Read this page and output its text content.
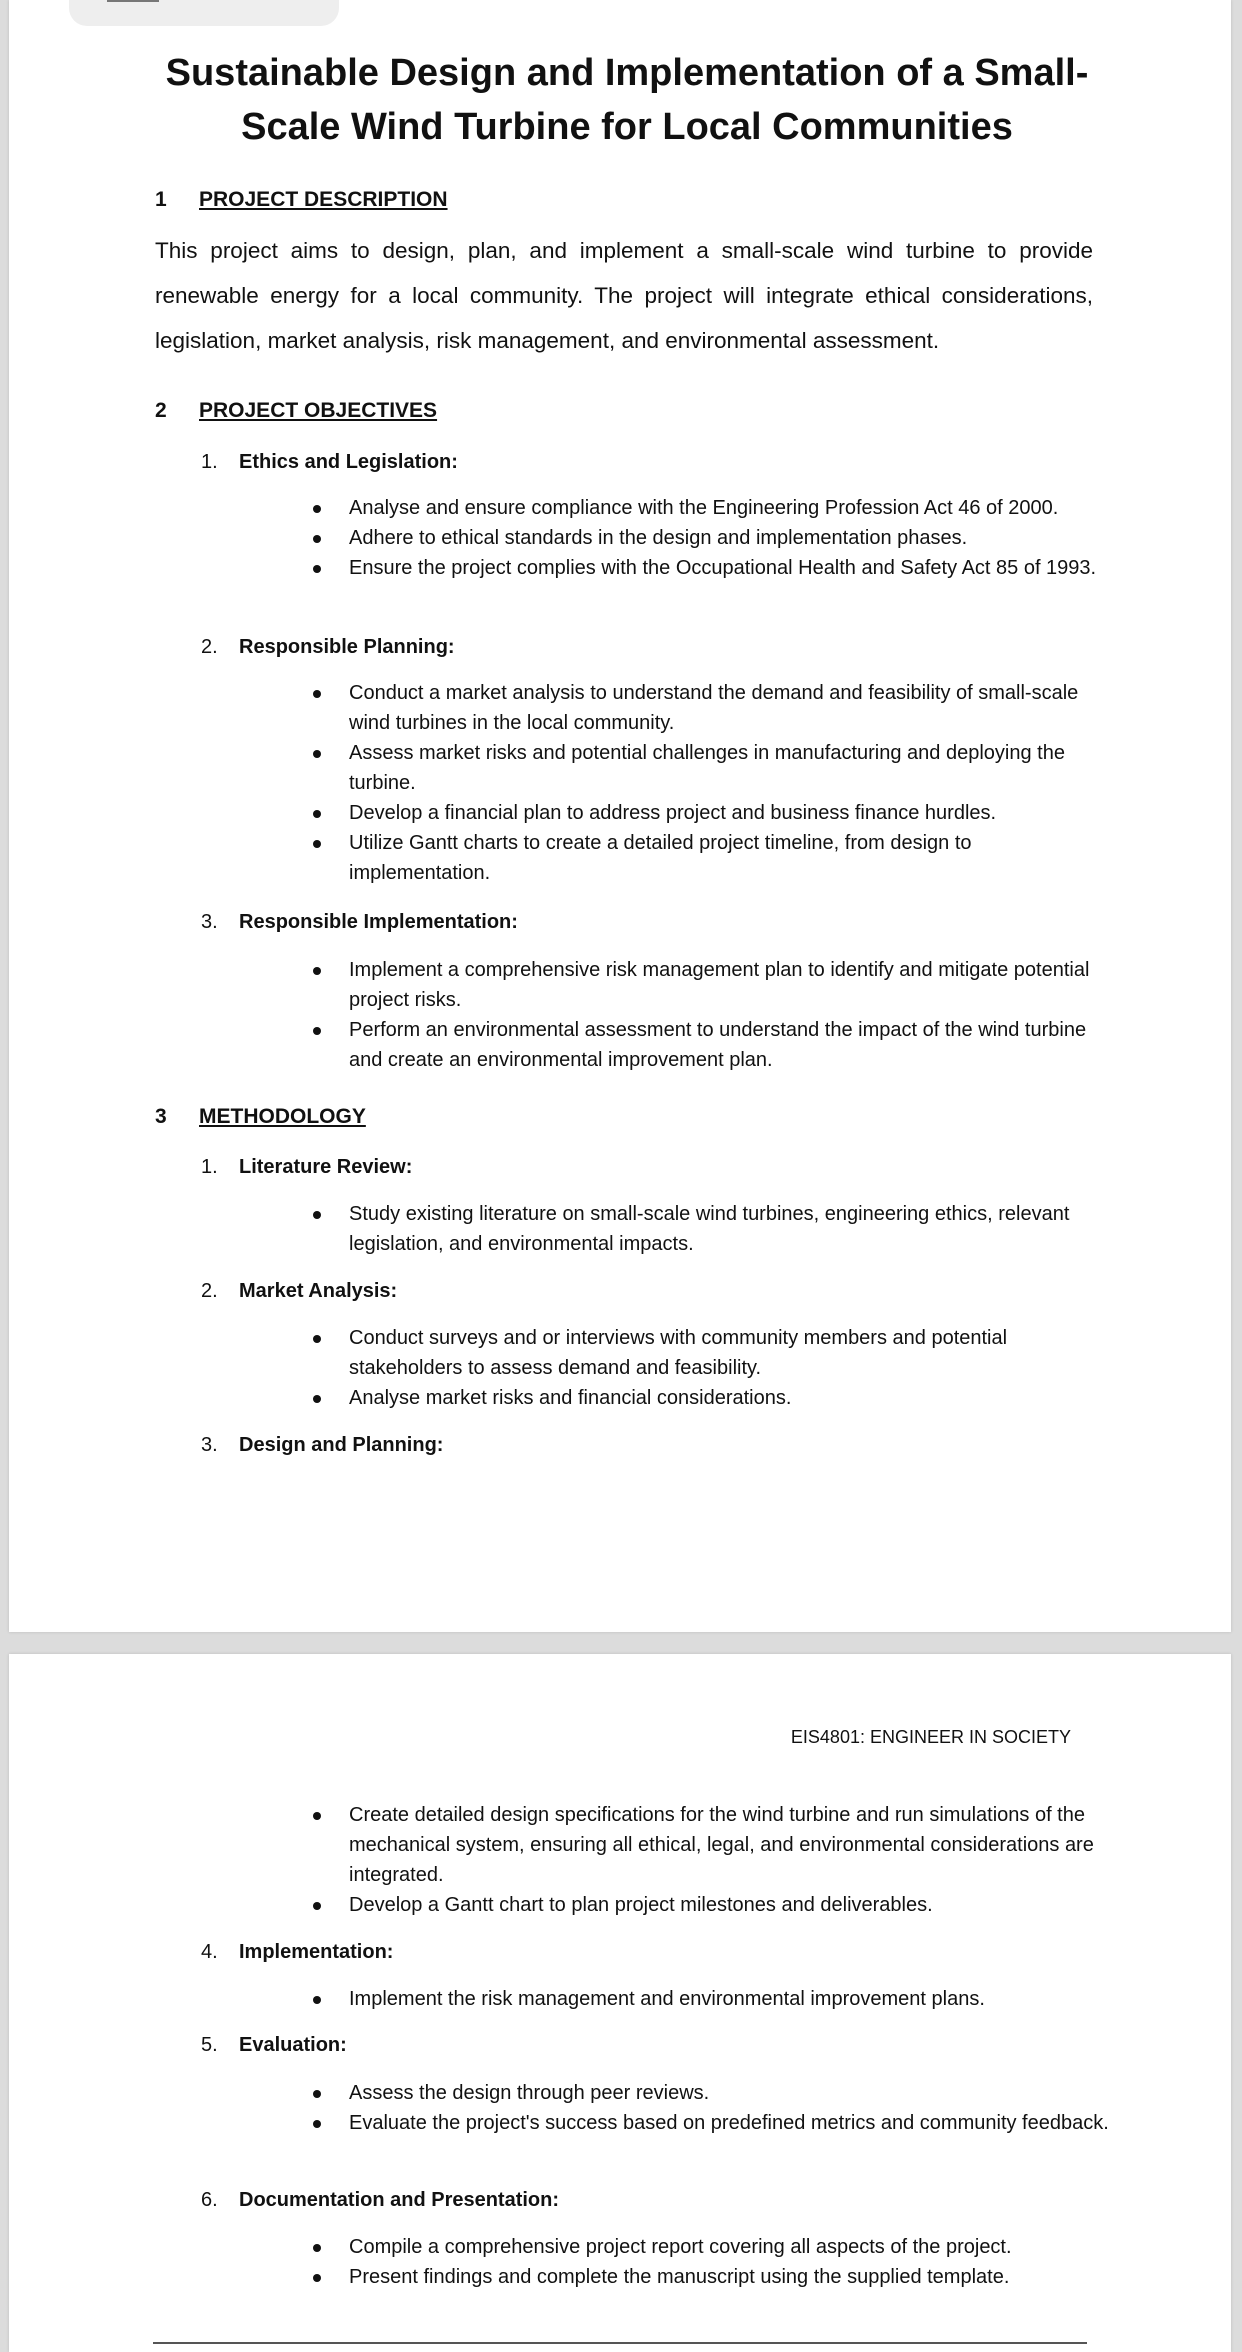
Sustainable Design and Implementation of a Small-Scale Wind Turbine for Local Communities
1 PROJECT DESCRIPTION
This project aims to design, plan, and implement a small-scale wind turbine to provide renewable energy for a local community. The project will integrate ethical considerations, legislation, market analysis, risk management, and environmental assessment.
2 PROJECT OBJECTIVES
1. Ethics and Legislation:
Analyse and ensure compliance with the Engineering Profession Act 46 of 2000.
Adhere to ethical standards in the design and implementation phases.
Ensure the project complies with the Occupational Health and Safety Act 85 of 1993.
2. Responsible Planning:
Conduct a market analysis to understand the demand and feasibility of small-scale wind turbines in the local community.
Assess market risks and potential challenges in manufacturing and deploying the turbine.
Develop a financial plan to address project and business finance hurdles.
Utilize Gantt charts to create a detailed project timeline, from design to implementation.
3. Responsible Implementation:
Implement a comprehensive risk management plan to identify and mitigate potential project risks.
Perform an environmental assessment to understand the impact of the wind turbine and create an environmental improvement plan.
3 METHODOLOGY
1. Literature Review:
Study existing literature on small-scale wind turbines, engineering ethics, relevant legislation, and environmental impacts.
2. Market Analysis:
Conduct surveys and or interviews with community members and potential stakeholders to assess demand and feasibility.
Analyse market risks and financial considerations.
3. Design and Planning:
EIS4801: ENGINEER IN SOCIETY
Create detailed design specifications for the wind turbine and run simulations of the mechanical system, ensuring all ethical, legal, and environmental considerations are integrated.
Develop a Gantt chart to plan project milestones and deliverables.
4. Implementation:
Implement the risk management and environmental improvement plans.
5. Evaluation:
Assess the design through peer reviews.
Evaluate the project's success based on predefined metrics and community feedback.
6. Documentation and Presentation:
Compile a comprehensive project report covering all aspects of the project.
Present findings and complete the manuscript using the supplied template.
